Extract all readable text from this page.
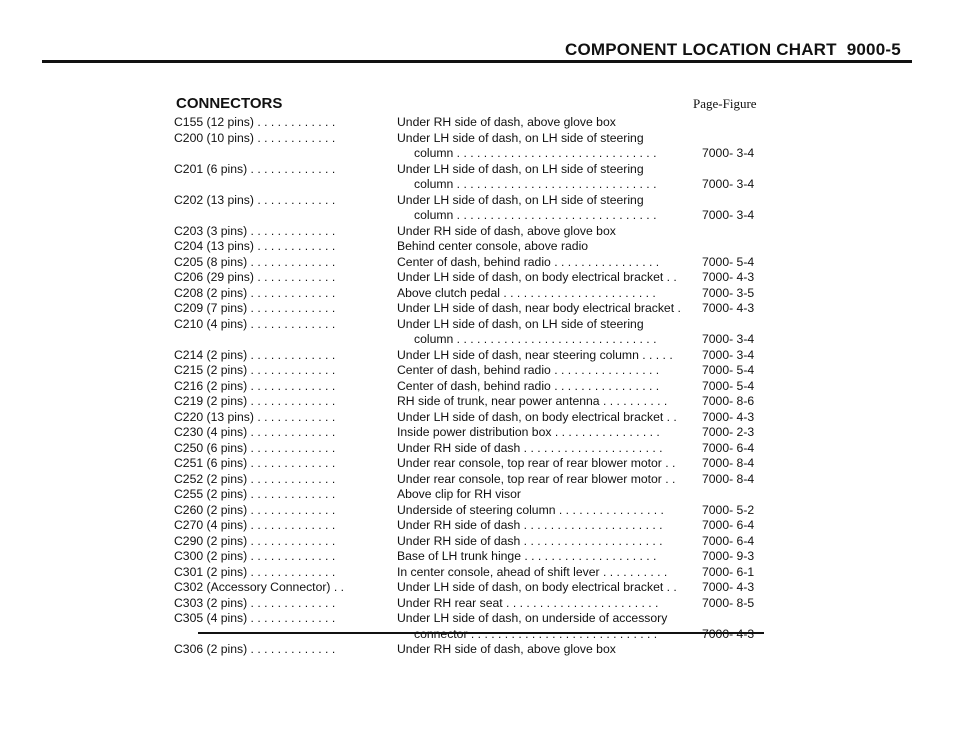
COMPONENT LOCATION CHART 9000-5
CONNECTORS	Page-Figure
C155 (12 pins) . . . . . . . . . . . .	Under RH side of dash, above glove box
C200 (10 pins) . . . . . . . . . . . .	Under LH side of dash, on LH side of steering
column . . . . . . . . . . . . . . . . . . . . . . . . . . . . . .	7000- 3-4
C201 (6 pins) . . . . . . . . . . . . .	Under LH side of dash, on LH side of steering
column . . . . . . . . . . . . . . . . . . . . . . . . . . . . . .	7000- 3-4
C202 (13 pins) . . . . . . . . . . . .	Under LH side of dash, on LH side of steering
column . . . . . . . . . . . . . . . . . . . . . . . . . . . . . .	7000- 3-4
C203 (3 pins) . . . . . . . . . . . . .	Under RH side of dash, above glove box
C204 (13 pins) . . . . . . . . . . . .	Behind center console, above radio
C205 (8 pins) . . . . . . . . . . . . .	Center of dash, behind radio . . . . . . . . . . . . . . . .	7000- 5-4
C206 (29 pins) . . . . . . . . . . . .	Under LH side of dash, on body electrical bracket . .	7000- 4-3
C208 (2 pins) . . . . . . . . . . . . .	Above clutch pedal . . . . . . . . . . . . . . . . . . . . . . .	7000- 3-5
C209 (7 pins) . . . . . . . . . . . . .	Under LH side of dash, near body electrical bracket .	7000- 4-3
C210 (4 pins) . . . . . . . . . . . . .	Under LH side of dash, on LH side of steering
column . . . . . . . . . . . . . . . . . . . . . . . . . . . . . .	7000- 3-4
C214 (2 pins) . . . . . . . . . . . . .	Under LH side of dash, near steering column . . . . .	7000- 3-4
C215 (2 pins) . . . . . . . . . . . . .	Center of dash, behind radio . . . . . . . . . . . . . . . .	7000- 5-4
C216 (2 pins) . . . . . . . . . . . . .	Center of dash, behind radio . . . . . . . . . . . . . . . .	7000- 5-4
C219 (2 pins) . . . . . . . . . . . . .	RH side of trunk, near power antenna . . . . . . . . . .	7000- 8-6
C220 (13 pins) . . . . . . . . . . . .	Under LH side of dash, on body electrical bracket . .	7000- 4-3
C230 (4 pins) . . . . . . . . . . . . .	Inside power distribution box . . . . . . . . . . . . . . . .	7000- 2-3
C250 (6 pins) . . . . . . . . . . . . .	Under RH side of dash . . . . . . . . . . . . . . . . . . . . .	7000- 6-4
C251 (6 pins) . . . . . . . . . . . . .	Under rear console, top rear of rear blower motor . .	7000- 8-4
C252 (2 pins) . . . . . . . . . . . . .	Under rear console, top rear of rear blower motor . .	7000- 8-4
C255 (2 pins) . . . . . . . . . . . . .	Above clip for RH visor
C260 (2 pins) . . . . . . . . . . . . .	Underside of steering column . . . . . . . . . . . . . . . .	7000- 5-2
C270 (4 pins) . . . . . . . . . . . . .	Under RH side of dash . . . . . . . . . . . . . . . . . . . . .	7000- 6-4
C290 (2 pins) . . . . . . . . . . . . .	Under RH side of dash . . . . . . . . . . . . . . . . . . . . .	7000- 6-4
C300 (2 pins) . . . . . . . . . . . . .	Base of LH trunk hinge . . . . . . . . . . . . . . . . . . . .	7000- 9-3
C301 (2 pins) . . . . . . . . . . . . .	In center console, ahead of shift lever . . . . . . . . . .	7000- 6-1
C302 (Accessory Connector) . .	Under LH side of dash, on body electrical bracket . .	7000- 4-3
C303 (2 pins) . . . . . . . . . . . . .	Under RH rear seat . . . . . . . . . . . . . . . . . . . . . . .	7000- 8-5
C305 (4 pins) . . . . . . . . . . . . .	Under LH side of dash, on underside of accessory
connector . . . . . . . . . . . . . . . . . . . . . . . . . . . .	7000- 4-3
C306 (2 pins) . . . . . . . . . . . . .	Under RH side of dash, above glove box
